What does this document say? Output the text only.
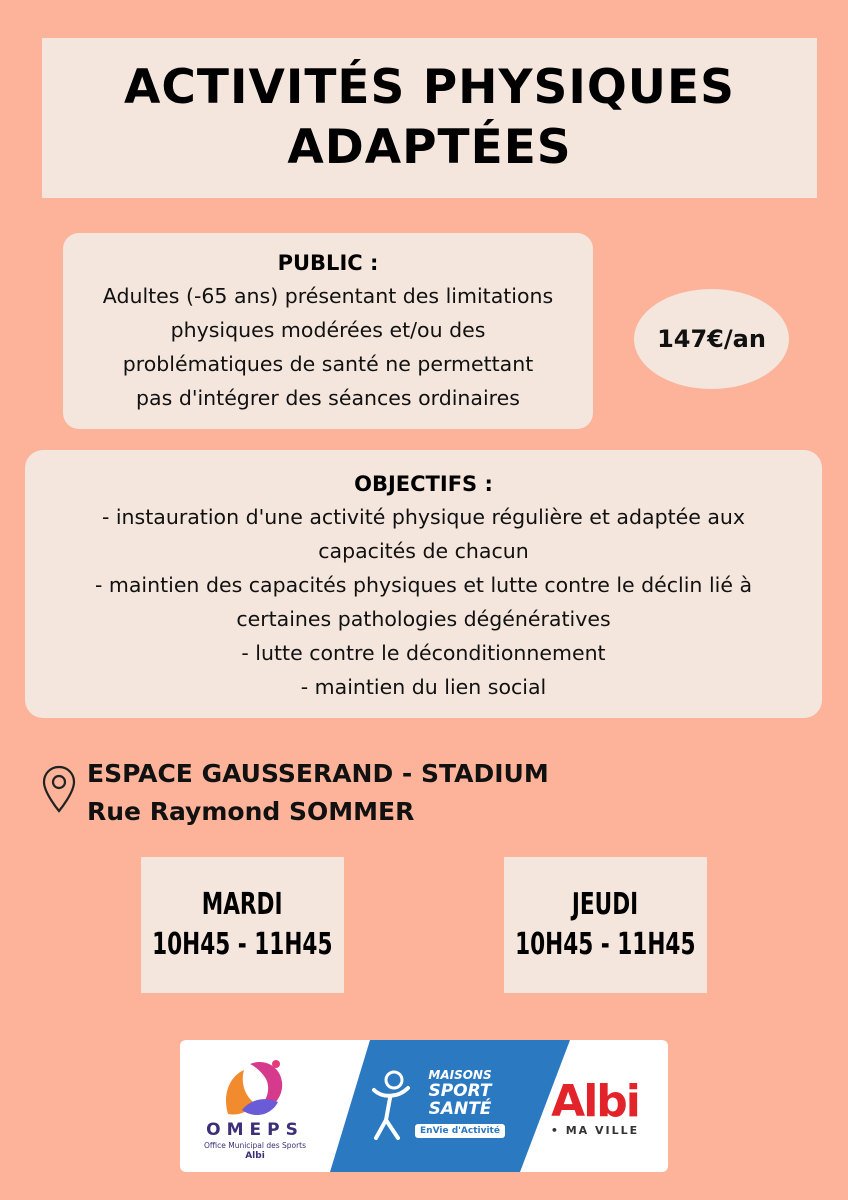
ACTIVITÉS PHYSIQUES
ADAPTÉES
PUBLIC :
Adultes (-65 ans) présentant des limitations
physiques modérées et/ou des
problématiques de santé ne permettant
pas d'intégrer des séances ordinaires
147€/an
OBJECTIFS :
- instauration d'une activité physique régulière et adaptée aux
capacités de chacun
- maintien des capacités physiques et lutte contre le déclin lié à
certaines pathologies dégénératives
- lutte contre le déconditionnement
- maintien du lien social
ESPACE GAUSSERAND - STADIUM
Rue Raymond SOMMER
MARDI
10H45 - 11H45
JEUDI
10H45 - 11H45
OMEPS
Office Municipal des Sports
Albi
MAISONS
SPORT
SANTÉ
EnVie d'Activité
Albi
• MA VILLE
